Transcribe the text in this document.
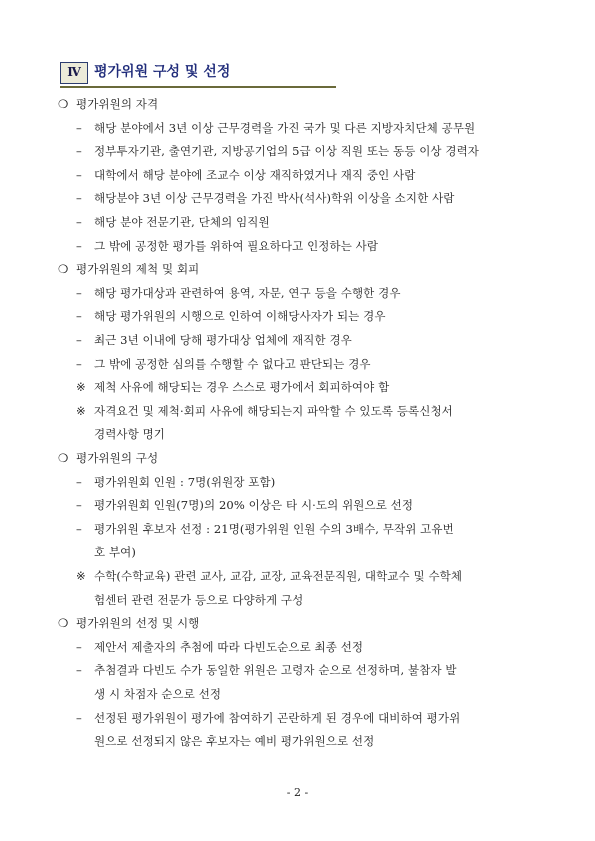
Ⅳ 평가위원 구성 및 선정
❍ 평가위원의 자격
– 해당 분야에서 3년 이상 근무경력을 가진 국가 및 다른 지방자치단체 공무원
– 정부투자기관, 출연기관, 지방공기업의 5급 이상 직원 또는 동등 이상 경력자
– 대학에서 해당 분야에 조교수 이상 재직하였거나 재직 중인 사람
– 해당분야 3년 이상 근무경력을 가진 박사(석사)학위 이상을 소지한 사람
– 해당 분야 전문기관, 단체의 임직원
– 그 밖에 공정한 평가를 위하여 필요하다고 인정하는 사람
❍ 평가위원의 제척 및 회피
– 해당 평가대상과 관련하여 용역, 자문, 연구 등을 수행한 경우
– 해당 평가위원의 시행으로 인하여 이해당사자가 되는 경우
– 최근 3년 이내에 당해 평가대상 업체에 재직한 경우
– 그 밖에 공정한 심의를 수행할 수 없다고 판단되는 경우
※ 제척 사유에 해당되는 경우 스스로 평가에서 회피하여야 함
※ 자격요건 및 제척·회피 사유에 해당되는지 파악할 수 있도록 등록신청서
경력사항 명기
❍ 평가위원의 구성
– 평가위원회 인원 : 7명(위원장 포함)
– 평가위원회 인원(7명)의 20% 이상은 타 시·도의 위원으로 선정
– 평가위원 후보자 선정 : 21명(평가위원 인원 수의 3배수, 무작위 고유번
호 부여)
※ 수학(수학교육) 관련 교사, 교감, 교장, 교육전문직원, 대학교수 및 수학체
험센터 관련 전문가 등으로 다양하게 구성
❍ 평가위원의 선정 및 시행
– 제안서 제출자의 추첨에 따라 다빈도순으로 최종 선정
– 추첨결과 다빈도 수가 동일한 위원은 고령자 순으로 선정하며, 불참자 발
생 시 차점자 순으로 선정
– 선정된 평가위원이 평가에 참여하기 곤란하게 된 경우에 대비하여 평가위
원으로 선정되지 않은 후보자는 예비 평가위원으로 선정
- 2 -
